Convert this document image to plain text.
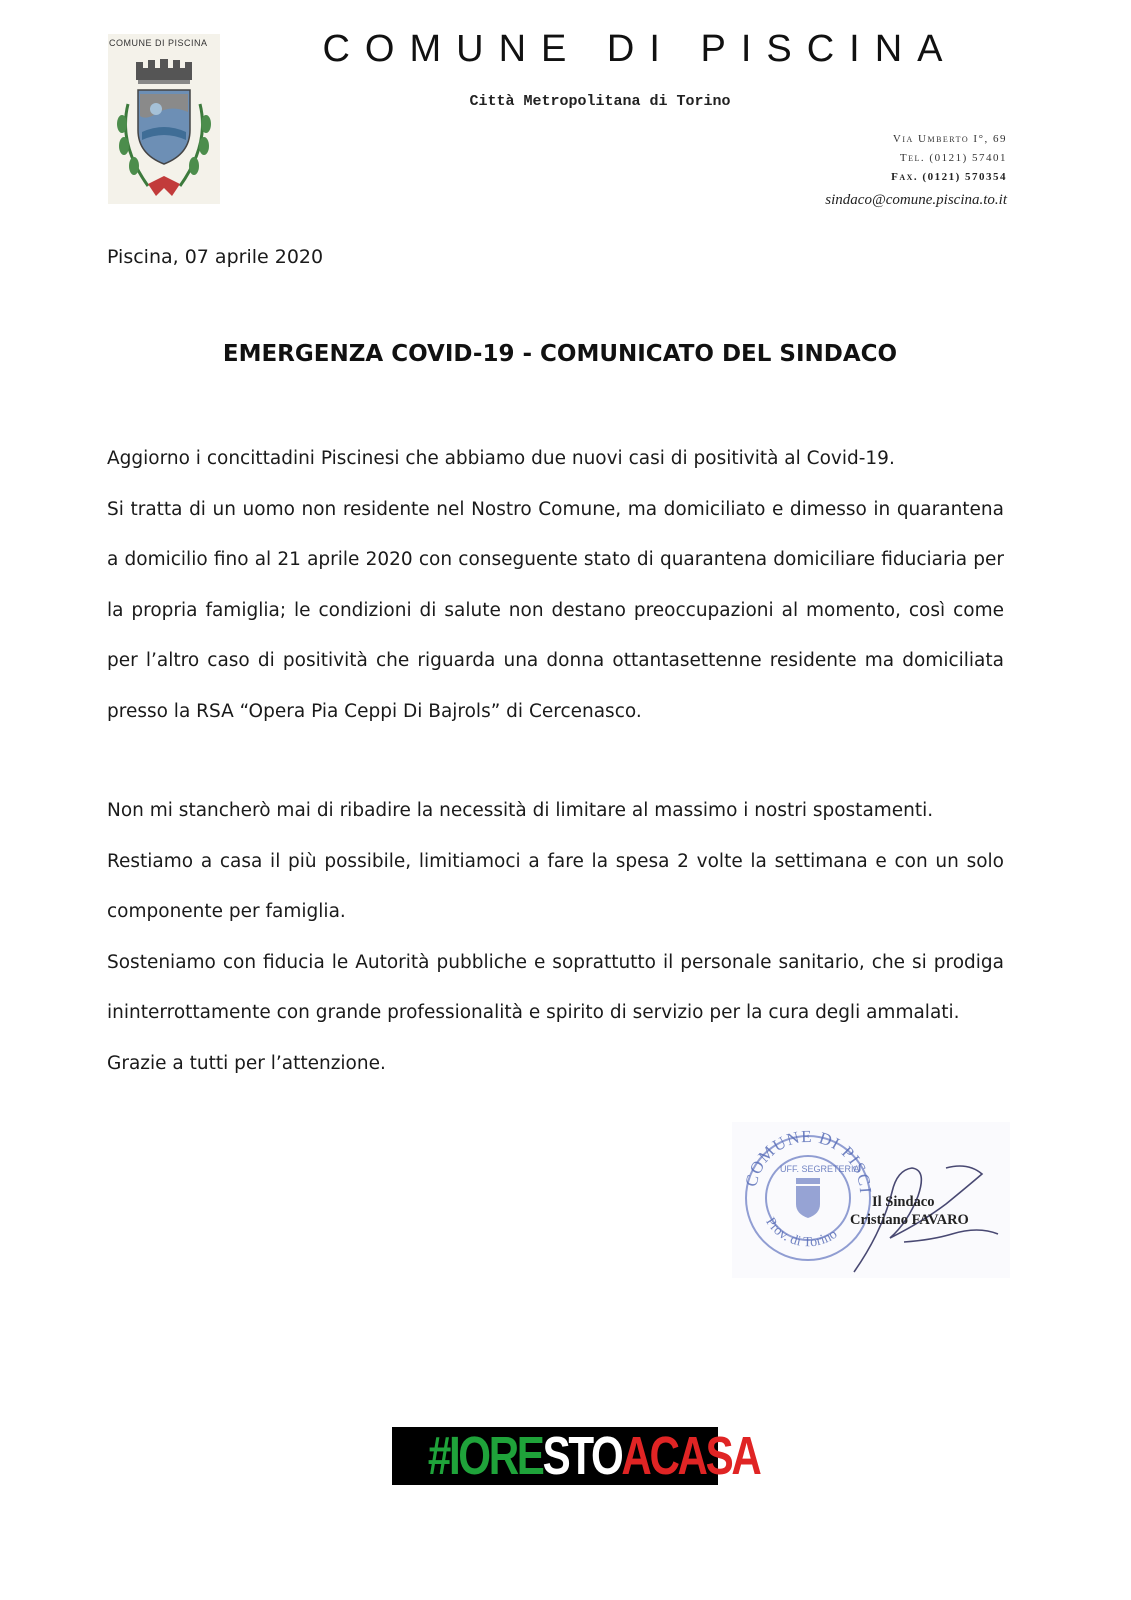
COMUNE DI PISCINA	COMUNE DI PISCINA
Città Metropolitana di Torino
Via Umberto I°, 69
Tel. (0121) 57401
Fax. (0121) 570354
sindaco@comune.piscina.to.it
Piscina, 07 aprile 2020
EMERGENZA COVID-19 - COMUNICATO DEL SINDACO
Aggiorno i concittadini Piscinesi che abbiamo due nuovi casi di positività al Covid-19.
Si tratta di un uomo non residente nel Nostro Comune, ma domiciliato e dimesso in quarantena a domicilio fino al 21 aprile 2020 con conseguente stato di quarantena domiciliare fiduciaria per la propria famiglia; le condizioni di salute non destano preoccupazioni al momento, così come per l’altro caso di positività che riguarda una donna ottantasettenne residente ma domiciliata presso la RSA “Opera Pia Ceppi Di Bajrols” di Cercenasco.
Non mi stancherò mai di ribadire la necessità di limitare al massimo i nostri spostamenti.
Restiamo a casa il più possibile, limitiamoci a fare la spesa 2 volte la settimana e con un solo componente per famiglia.
Sosteniamo con fiducia le Autorità pubbliche e soprattutto il personale sanitario, che si prodiga ininterrottamente con grande professionalità e spirito di servizio per la cura degli ammalati.
Grazie a tutti per l’attenzione.
COMUNE DI PISCI
UFF. SEGRETERIA
Prov. di Torino
Il Sindaco
Cristiano FAVARO
#IORESTOACASA
